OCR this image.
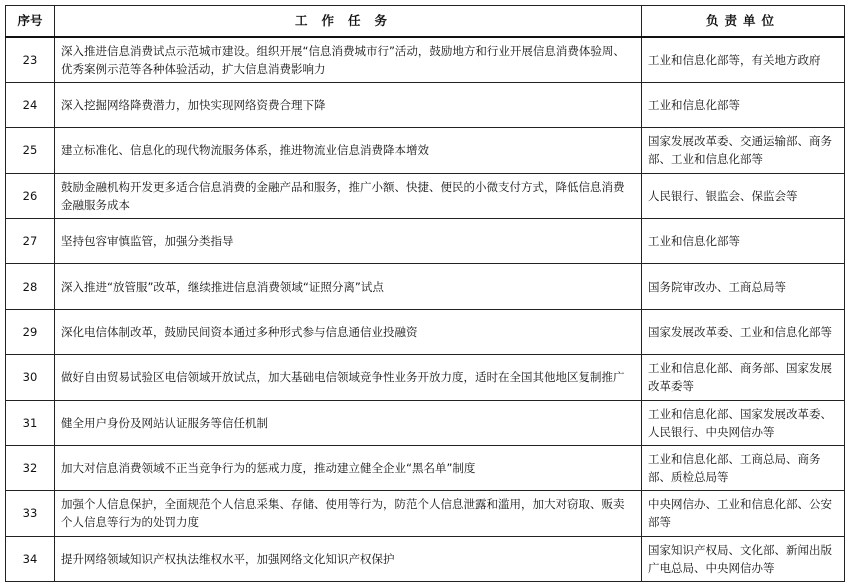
序号	工作任务	负责单位
23	深入推进信息消费试点示范城市建设。组织开展“信息消费城市行”活动，鼓励地方和行业开展信息消费体验周、优秀案例示范等各种体验活动，扩大信息消费影响力	工业和信息化部等，有关地方政府
24	深入挖掘网络降费潜力，加快实现网络资费合理下降	工业和信息化部等
25	建立标准化、信息化的现代物流服务体系，推进物流业信息消费降本增效	国家发展改革委、交通运输部、商务部、工业和信息化部等
26	鼓励金融机构开发更多适合信息消费的金融产品和服务，推广小额、快捷、便民的小微支付方式，降低信息消费金融服务成本	人民银行、银监会、保监会等
27	坚持包容审慎监管，加强分类指导	工业和信息化部等
28	深入推进“放管服”改革，继续推进信息消费领域“证照分离”试点	国务院审改办、工商总局等
29	深化电信体制改革，鼓励民间资本通过多种形式参与信息通信业投融资	国家发展改革委、工业和信息化部等
30	做好自由贸易试验区电信领域开放试点，加大基础电信领域竞争性业务开放力度，适时在全国其他地区复制推广	工业和信息化部、商务部、国家发展改革委等
31	健全用户身份及网站认证服务等信任机制	工业和信息化部、国家发展改革委、人民银行、中央网信办等
32	加大对信息消费领域不正当竞争行为的惩戒力度，推动建立健全企业“黑名单”制度	工业和信息化部、工商总局、商务部、质检总局等
33	加强个人信息保护，全面规范个人信息采集、存储、使用等行为，防范个人信息泄露和滥用，加大对窃取、贩卖个人信息等行为的处罚力度	中央网信办、工业和信息化部、公安部等
34	提升网络领域知识产权执法维权水平，加强网络文化知识产权保护	国家知识产权局、文化部、新闻出版广电总局、中央网信办等
